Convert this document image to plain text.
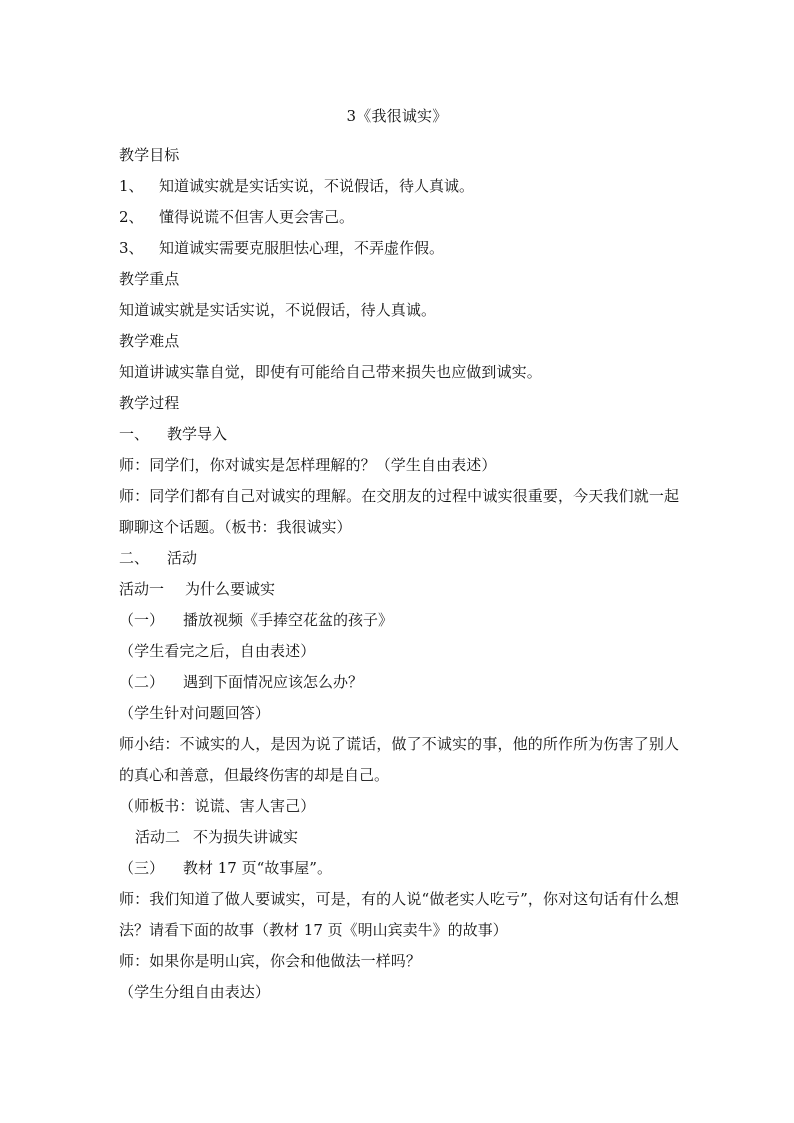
3《我很诚实》
教学目标
1、	知道诚实就是实话实说，不说假话，待人真诚。
2、	懂得说谎不但害人更会害己。
3、	知道诚实需要克服胆怯心理，不弄虚作假。
教学重点
知道诚实就是实话实说，不说假话，待人真诚。
教学难点
知道讲诚实靠自觉，即使有可能给自己带来损失也应做到诚实。
教学过程
一、	教学导入
师：同学们，你对诚实是怎样理解的？（学生自由表述）
师：同学们都有自己对诚实的理解。在交朋友的过程中诚实很重要，今天我们就一起聊聊这个话题。（板书：我很诚实）
二、	活动
活动一	为什么要诚实
（一）	播放视频《手捧空花盆的孩子》
（学生看完之后，自由表述）
（二）	遇到下面情况应该怎么办？
（学生针对问题回答）
师小结：不诚实的人，是因为说了谎话，做了不诚实的事，他的所作所为伤害了别人的真心和善意，但最终伤害的却是自己。
（师板书：说谎、害人害己）
活动二 不为损失讲诚实
（三）	教材 17 页“故事屋”。
师：我们知道了做人要诚实，可是，有的人说“做老实人吃亏”，你对这句话有什么想法？请看下面的故事（教材 17 页《明山宾卖牛》的故事）
师：如果你是明山宾，你会和他做法一样吗？
（学生分组自由表达）
